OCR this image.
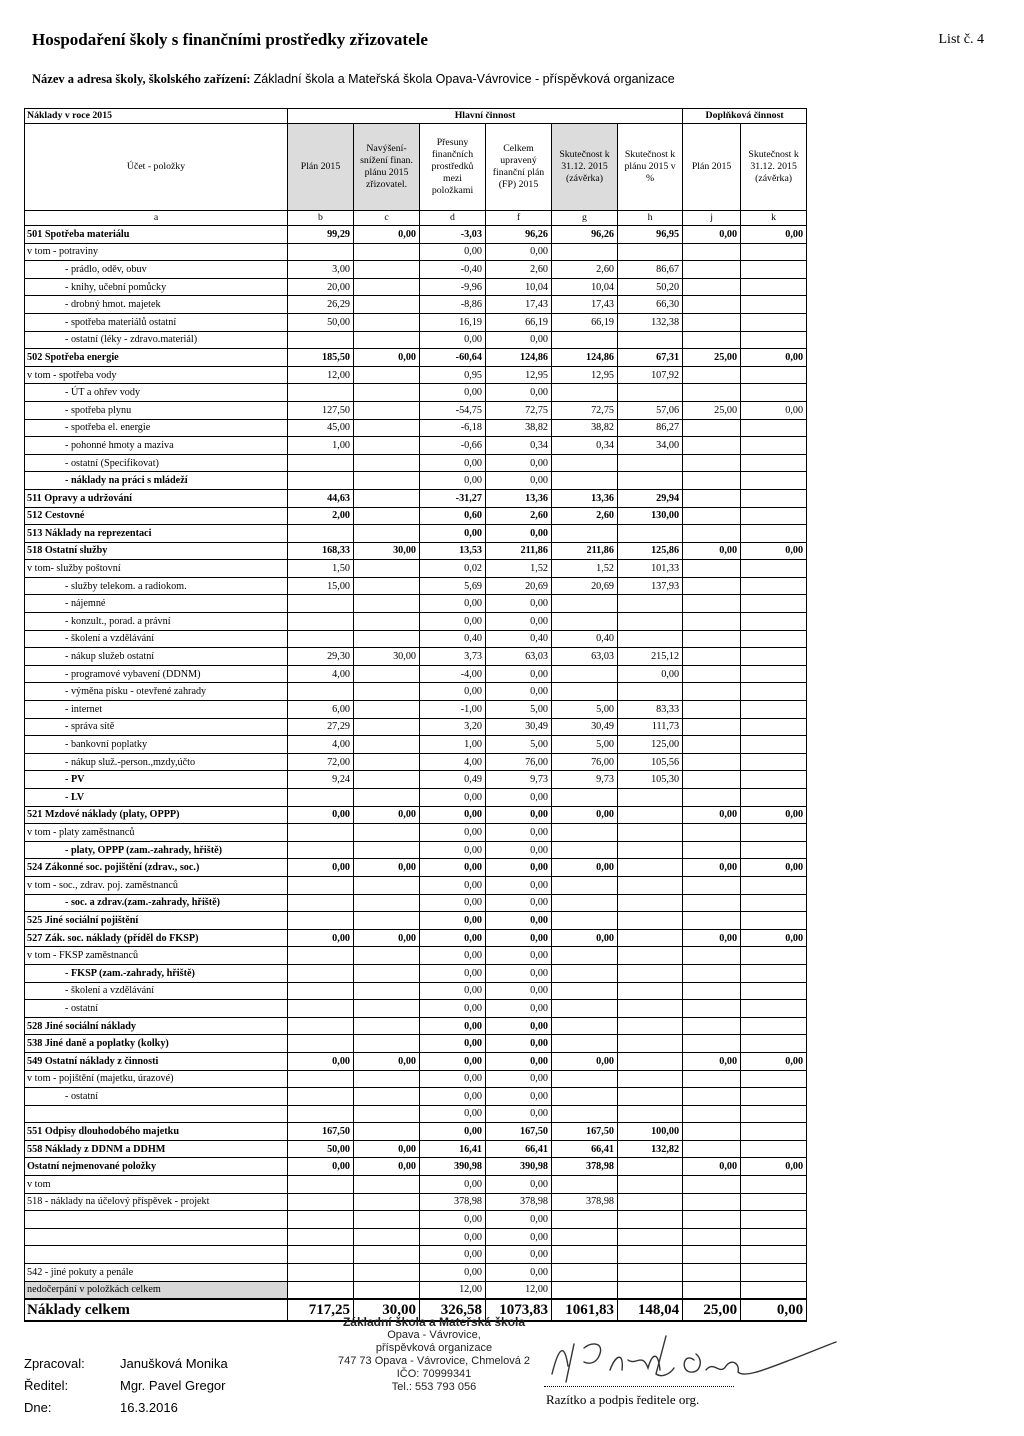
Hospodaření školy s finančními prostředky zřizovatele	List č. 4
Název a adresa školy, školského zařízení: Základní škola a Mateřská škola Opava-Vávrovice - příspěvková organizace
Náklady v roce 2015	Hlavní činnost						Doplňková činnost	
Účet - položky	Plán 2015	Navýšení-snížení finan. plánu 2015 zřizovatel.	Přesuny finančních prostředků mezi položkami	Celkem upravený finanční plán (FP) 2015	Skutečnost k 31.12. 2015 (závěrka)	Skutečnost k plánu 2015 v %	Plán 2015	Skutečnost k 31.12. 2015 (závěrka)
a	b	c	d	f	g	h	j	k
501 Spotřeba materiálu	99,29	0,00	-3,03	96,26	96,26	96,95	0,00	0,00
v tom - potraviny			0,00	0,00				
- prádlo, oděv, obuv	3,00		-0,40	2,60	2,60	86,67		
- knihy, učební pomůcky	20,00		-9,96	10,04	10,04	50,20		
- drobný hmot. majetek	26,29		-8,86	17,43	17,43	66,30		
- spotřeba materiálů ostatní	50,00		16,19	66,19	66,19	132,38		
- ostatní (léky - zdravo.materiál)			0,00	0,00				
502 Spotřeba energie	185,50	0,00	-60,64	124,86	124,86	67,31	25,00	0,00
v tom - spotřeba vody	12,00		0,95	12,95	12,95	107,92		
- ÚT a ohřev vody			0,00	0,00				
- spotřeba plynu	127,50		-54,75	72,75	72,75	57,06	25,00	0,00
- spotřeba el. energie	45,00		-6,18	38,82	38,82	86,27		
- pohonné hmoty a maziva	1,00		-0,66	0,34	0,34	34,00		
- ostatní (Specifikovat)			0,00	0,00				
- náklady na práci s mládeží			0,00	0,00				
511 Opravy a udržování	44,63		-31,27	13,36	13,36	29,94		
512 Cestovné	2,00		0,60	2,60	2,60	130,00		
513 Náklady na reprezentaci			0,00	0,00				
518 Ostatní služby	168,33	30,00	13,53	211,86	211,86	125,86	0,00	0,00
v tom- služby poštovní	1,50		0,02	1,52	1,52	101,33		
- služby telekom. a radiokom.	15,00		5,69	20,69	20,69	137,93		
- nájemné			0,00	0,00				
- konzult., porad. a právní			0,00	0,00				
- školení a vzdělávání			0,40	0,40	0,40			
- nákup služeb ostatní	29,30	30,00	3,73	63,03	63,03	215,12		
- programové vybavení (DDNM)	4,00		-4,00	0,00		0,00		
- výměna písku - otevřené zahrady			0,00	0,00				
- internet	6,00		-1,00	5,00	5,00	83,33		
- správa sítě	27,29		3,20	30,49	30,49	111,73		
- bankovní poplatky	4,00		1,00	5,00	5,00	125,00		
- nákup služ.-person.,mzdy,účto	72,00		4,00	76,00	76,00	105,56		
- PV	9,24		0,49	9,73	9,73	105,30		
- LV			0,00	0,00				
521 Mzdové náklady (platy, OPPP)	0,00	0,00	0,00	0,00	0,00		0,00	0,00
v tom - platy zaměstnanců			0,00	0,00				
- platy, OPPP (zam.-zahrady, hřiště)			0,00	0,00				
524 Zákonné soc. pojištění (zdrav., soc.)	0,00	0,00	0,00	0,00	0,00		0,00	0,00
v tom - soc., zdrav. poj. zaměstnanců			0,00	0,00				
- soc. a zdrav.(zam.-zahrady, hřiště)			0,00	0,00				
525 Jiné sociální pojištění			0,00	0,00				
527 Zák. soc. náklady (příděl do FKSP)	0,00	0,00	0,00	0,00	0,00		0,00	0,00
v tom - FKSP zaměstnanců			0,00	0,00				
- FKSP (zam.-zahrady, hřiště)			0,00	0,00				
- školení a vzdělávání			0,00	0,00				
- ostatní			0,00	0,00				
528 Jiné sociální náklady			0,00	0,00				
538 Jiné daně a poplatky (kolky)			0,00	0,00				
549 Ostatní náklady z činnosti	0,00	0,00	0,00	0,00	0,00		0,00	0,00
v tom - pojištění (majetku, úrazové)			0,00	0,00				
- ostatní			0,00	0,00				
			0,00	0,00				
551 Odpisy dlouhodobého majetku	167,50		0,00	167,50	167,50	100,00		
558 Náklady z DDNM a DDHM	50,00	0,00	16,41	66,41	66,41	132,82		
Ostatní nejmenované položky	0,00	0,00	390,98	390,98	378,98		0,00	0,00
v tom			0,00	0,00				
518 - náklady na účelový příspěvek - projekt			378,98	378,98	378,98			
			0,00	0,00				
			0,00	0,00				
			0,00	0,00				
542 - jiné pokuty a penále			0,00	0,00				
nedočerpání v položkách celkem			12,00	12,00				
Náklady celkem	717,25	30,00	326,58	1073,83	1061,83	148,04	25,00	0,00
Zpracoval:	Janušková Monika
Ředitel:	Mgr. Pavel Gregor
Dne:	16.3.2016
Základní škola a Mateřská škola
Opava - Vávrovice,
příspěvková organizace
747 73 Opava - Vávrovice, Chmelová 2
IČO: 70999341
Tel.: 553 793 056
Razítko a podpis ředitele org.
